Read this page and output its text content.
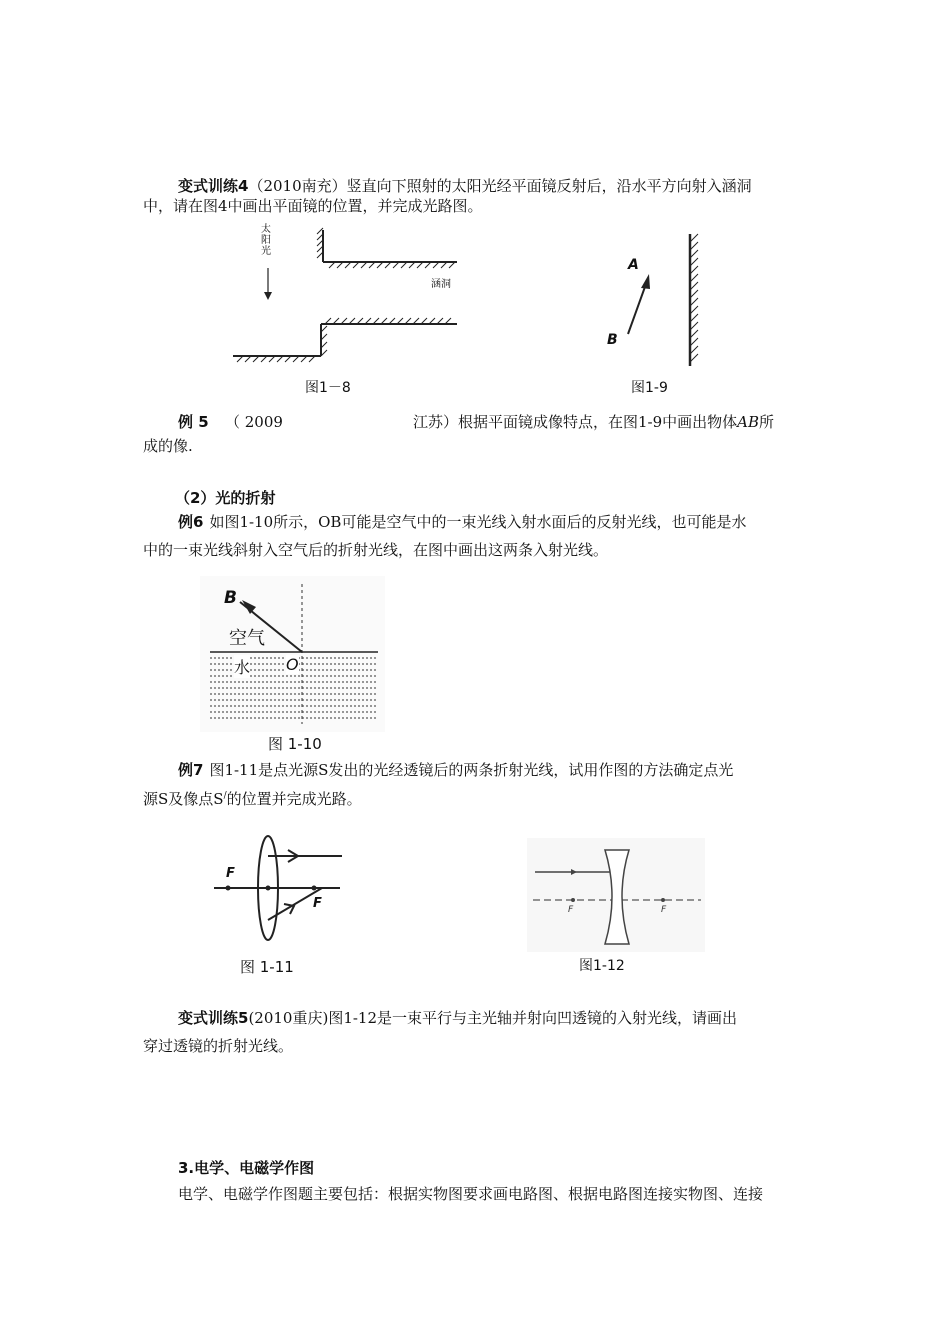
变式训练4（2010南充）竖直向下照射的太阳光经平面镜反射后，沿水平方向射入涵洞
中，请在图4中画出平面镜的位置，并完成光路图。
太阳光
涵洞
图1－8
A
B
图1-9
例 5 （ 2009	江苏）根据平面镜成像特点，在图1-9中画出物体AB所
成的像.
（2）光的折射
例6 如图1-10所示，OB可能是空气中的一束光线入射水面后的反射光线，也可能是水
中的一束光线斜射入空气后的折射光线，在图中画出这两条入射光线。
B
空气
水 O
图 1-10
例7 图1-11是点光源S发出的光经透镜后的两条折射光线，试用作图的方法确定点光
源S及像点S/的位置并完成光路。
F
F
图 1-11
F	F
图1-12
变式训练5(2010重庆)图1-12是一束平行与主光轴并射向凹透镜的入射光线，请画出
穿过透镜的折射光线。
3.电学、电磁学作图
电学、电磁学作图题主要包括：根据实物图要求画电路图、根据电路图连接实物图、连接
